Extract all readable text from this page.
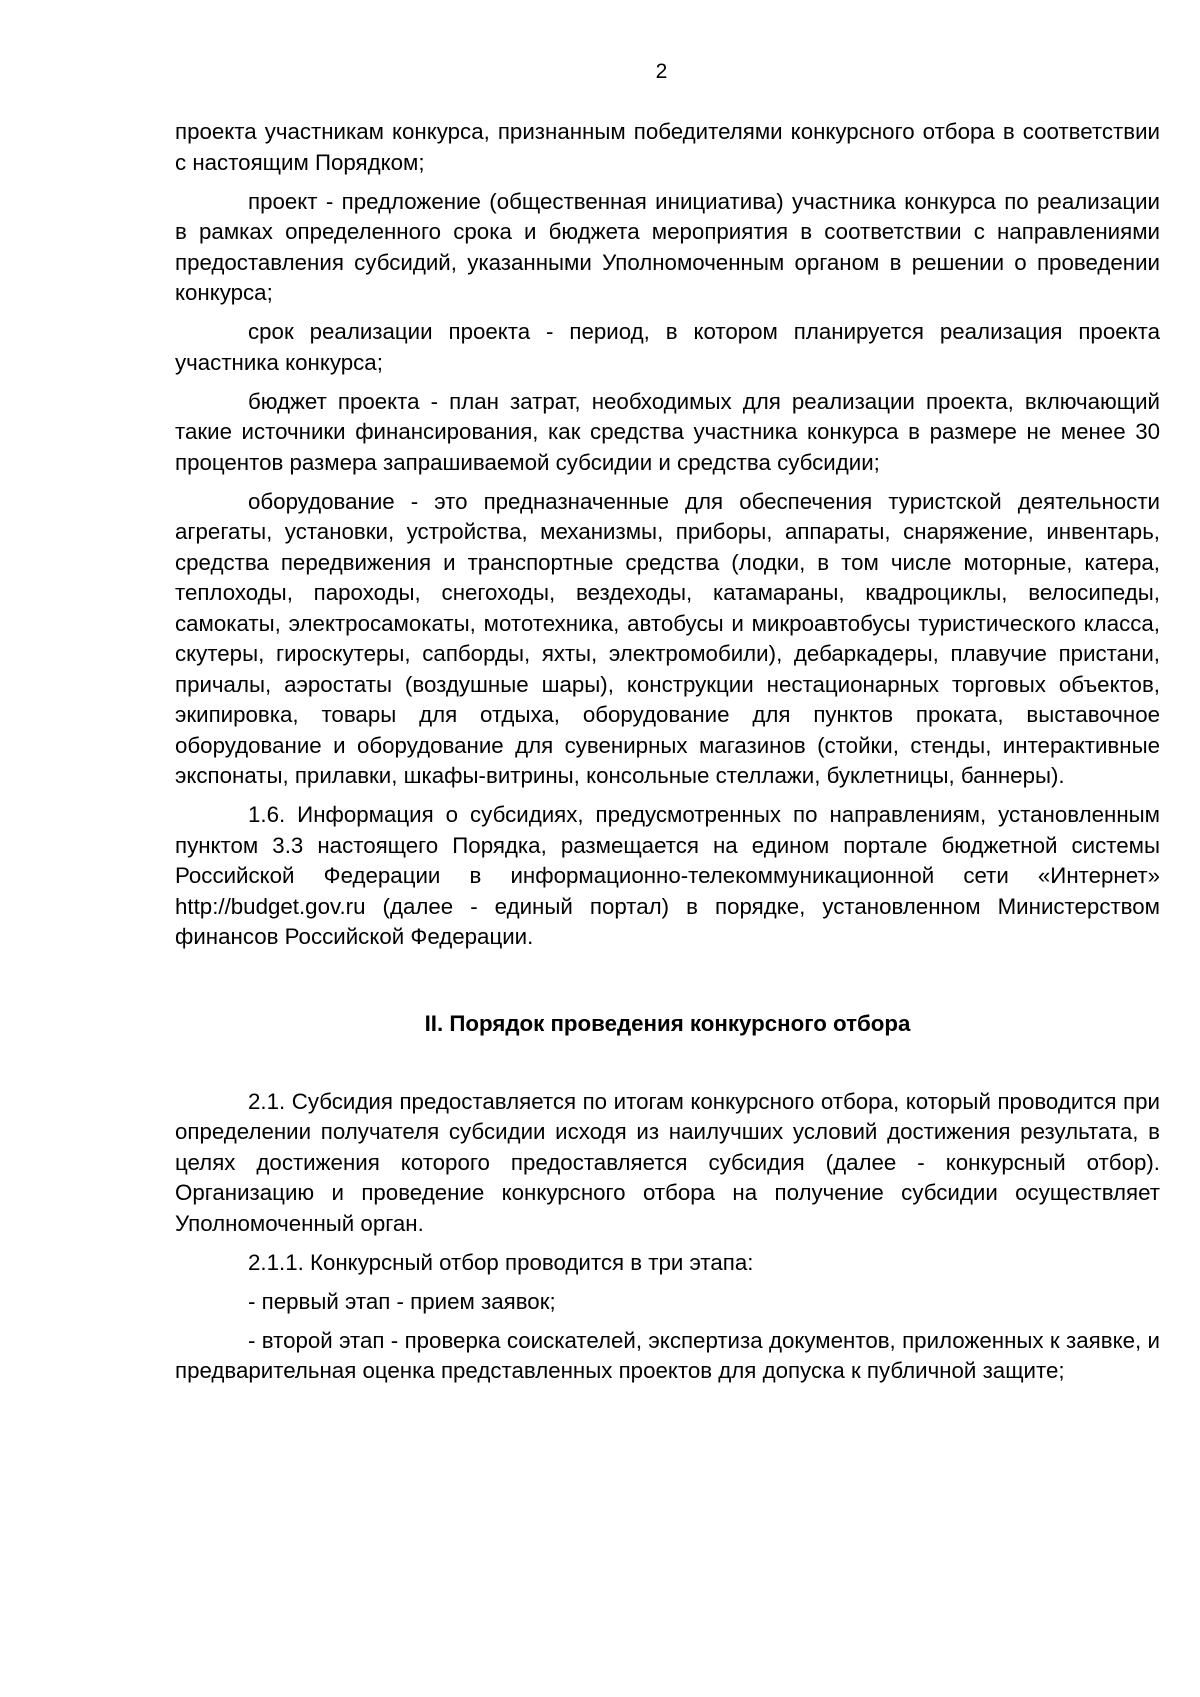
2

проекта участникам конкурса, признанным победителями конкурсного отбора в соответствии с настоящим Порядком;

проект - предложение (общественная инициатива) участника конкурса по реализации в рамках определенного срока и бюджета мероприятия в соответствии с направлениями предоставления субсидий, указанными Уполномоченным органом в решении о проведении конкурса;

срок реализации проекта - период, в котором планируется реализация проекта участника конкурса;

бюджет проекта - план затрат, необходимых для реализации проекта, включающий такие источники финансирования, как средства участника конкурса в размере не менее 30 процентов размера запрашиваемой субсидии и средства субсидии;

оборудование - это предназначенные для обеспечения туристской деятельности агрегаты, установки, устройства, механизмы, приборы, аппараты, снаряжение, инвентарь, средства передвижения и транспортные средства (лодки, в том числе моторные, катера, теплоходы, пароходы, снегоходы, вездеходы, катамараны, квадроциклы, велосипеды, самокаты, электросамокаты, мототехника, автобусы и микроавтобусы туристического класса, скутеры, гироскутеры, сапборды, яхты, электромобили), дебаркадеры, плавучие пристани, причалы, аэростаты (воздушные шары), конструкции нестационарных торговых объектов, экипировка, товары для отдыха, оборудование для пунктов проката, выставочное оборудование и оборудование для сувенирных магазинов (стойки, стенды, интерактивные экспонаты, прилавки, шкафы-витрины, консольные стеллажи, буклетницы, баннеры).

1.6. Информация о субсидиях, предусмотренных по направлениям, установленным пунктом 3.3 настоящего Порядка, размещается на едином портале бюджетной системы Российской Федерации в информационно-телекоммуникационной сети «Интернет» http://budget.gov.ru (далее - единый портал) в порядке, установленном Министерством финансов Российской Федерации.

II. Порядок проведения конкурсного отбора

2.1. Субсидия предоставляется по итогам конкурсного отбора, который проводится при определении получателя субсидии исходя из наилучших условий достижения результата, в целях достижения которого предоставляется субсидия (далее - конкурсный отбор). Организацию и проведение конкурсного отбора на получение субсидии осуществляет Уполномоченный орган.

2.1.1. Конкурсный отбор проводится в три этапа:

- первый этап - прием заявок;

- второй этап - проверка соискателей, экспертиза документов, приложенных к заявке, и предварительная оценка представленных проектов для допуска к публичной защите;
